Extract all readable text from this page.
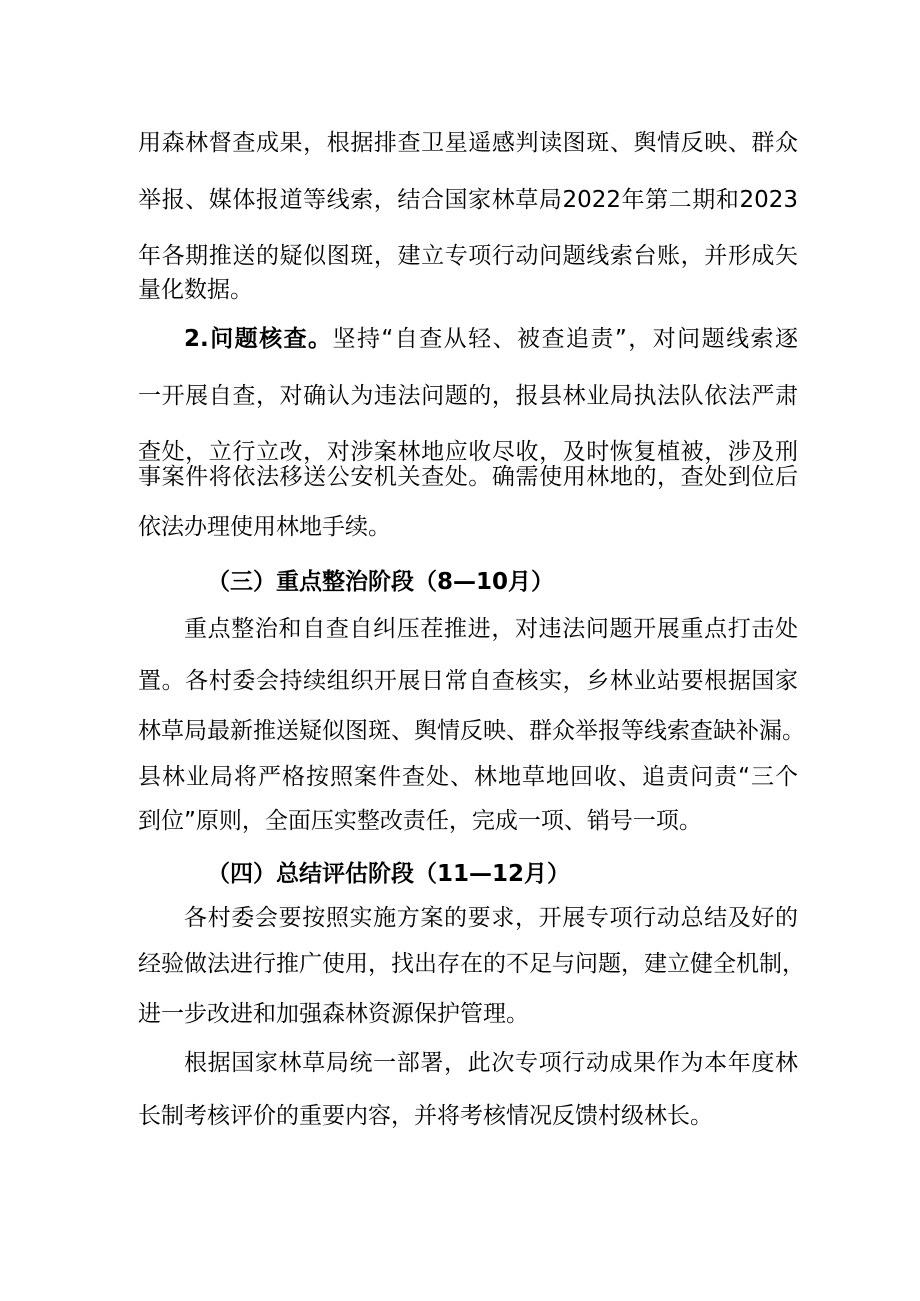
用森林督查成果，根据排查卫星遥感判读图斑、舆情反映、群众
举报、媒体报道等线索，结合国家林草局2022年第二期和2023
年各期推送的疑似图斑，建立专项行动问题线索台账，并形成矢
量化数据。
2.问题核查。坚持“自查从轻、被查追责”，对问题线索逐
一开展自查，对确认为违法问题的，报县林业局执法队依法严肃
查处，立行立改，对涉案林地应收尽收，及时恢复植被，涉及刑
事案件将依法移送公安机关查处。确需使用林地的，查处到位后
依法办理使用林地手续。
（三）重点整治阶段（8—10月）
重点整治和自查自纠压茬推进，对违法问题开展重点打击处
置。各村委会持续组织开展日常自查核实，乡林业站要根据国家
林草局最新推送疑似图斑、舆情反映、群众举报等线索查缺补漏。
县林业局将严格按照案件查处、林地草地回收、追责问责“三个
到位”原则，全面压实整改责任，完成一项、销号一项。
（四）总结评估阶段（11—12月）
各村委会要按照实施方案的要求，开展专项行动总结及好的
经验做法进行推广使用，找出存在的不足与问题，建立健全机制，
进一步改进和加强森林资源保护管理。
根据国家林草局统一部署，此次专项行动成果作为本年度林
长制考核评价的重要内容，并将考核情况反馈村级林长。
